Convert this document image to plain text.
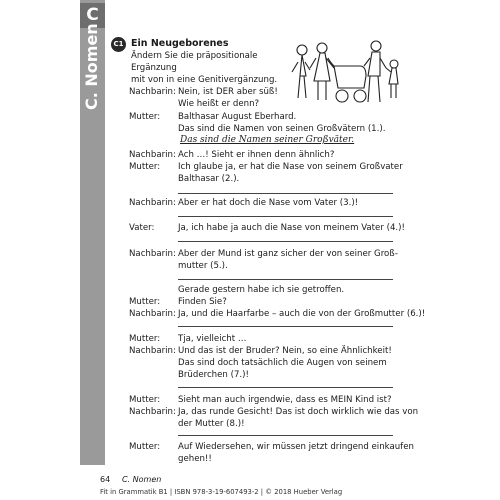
C
C. Nomen	C1 Ein Neugeborenes
Ändern Sie die präpositionale Ergänzung
mit von in eine Genitivergänzung.
Nachbarin: Nein, ist DER aber süß!
Wie heißt er denn?
Mutter: Balthasar August Eberhard.
Das sind die Namen von seinen Großvätern (1.).
Das sind die Namen seiner Großväter.
Nachbarin: Ach …! Sieht er ihnen denn ähnlich?
Mutter: Ich glaube ja, er hat die Nase von seinem Großvater
Balthasar (2.).
Nachbarin: Aber er hat doch die Nase vom Vater (3.)!
Vater:	Ja, ich habe ja auch die Nase von meinem Vater (4.)!
Nachbarin: Aber der Mund ist ganz sicher der von seiner Groß-
mutter (5.).
Gerade gestern habe ich sie getroffen.
Mutter: Finden Sie?
Nachbarin: Ja, und die Haarfarbe – auch die von der Großmutter (6.)!
Mutter: Tja, vielleicht …
Nachbarin: Und das ist der Bruder? Nein, so eine Ähnlichkeit!
Das sind doch tatsächlich die Augen von seinem
Brüderchen (7.)!
Mutter: Sieht man auch irgendwie, dass es MEIN Kind ist?
Nachbarin: Ja, das runde Gesicht! Das ist doch wirklich wie das von
der Mutter (8.)!
Mutter: Auf Wiedersehen, wir müssen jetzt dringend einkaufen
gehen!!
64 C. Nomen
Fit in Grammatik B1 | ISBN 978-3-19-607493-2 | © 2018 Hueber Verlag
